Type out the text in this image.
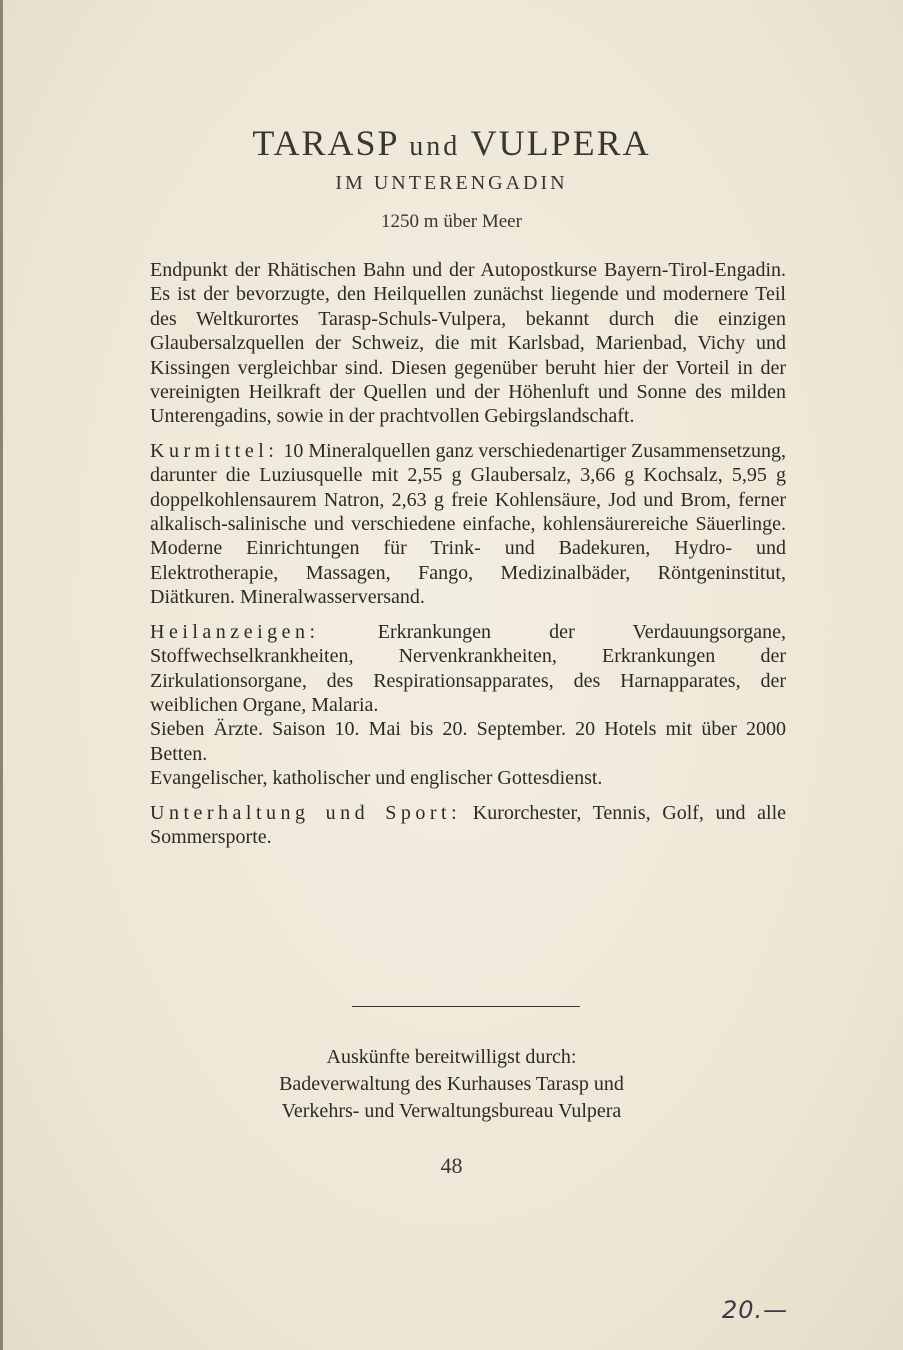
TARASP und VULPERA
IM UNTERENGADIN
1250 m über Meer

Endpunkt der Rhätischen Bahn und der Autopostkurse Bayern-Tirol-Engadin. Es ist der bevorzugte, den Heilquellen zunächst liegende und modernere Teil des Weltkurortes Tarasp-Schuls-Vulpera, bekannt durch die einzigen Glaubersalzquellen der Schweiz, die mit Karlsbad, Marienbad, Vichy und Kissingen vergleichbar sind. Diesen gegenüber beruht hier der Vorteil in der vereinigten Heilkraft der Quellen und der Höhenluft und Sonne des milden Unterengadins, sowie in der prachtvollen Gebirgslandschaft.

Kurmittel: 10 Mineralquellen ganz verschiedenartiger Zusammensetzung, darunter die Luziusquelle mit 2,55 g Glaubersalz, 3,66 g Kochsalz, 5,95 g doppelkohlensaurem Natron, 2,63 g freie Kohlensäure, Jod und Brom, ferner alkalisch-salinische und verschiedene einfache, kohlensäurereiche Säuerlinge. Moderne Einrichtungen für Trink- und Badekuren, Hydro- und Elektrotherapie, Massagen, Fango, Medizinalbäder, Röntgeninstitut, Diätkuren. Mineralwasserversand.

Heilanzeigen:	Erkrankungen der Verdauungsorgane, Stoffwechselkrankheiten, Nervenkrankheiten, Erkrankungen der Zirkulationsorgane, des Respirationsapparates, des Harnapparates, der weiblichen Organe, Malaria.

Sieben Ärzte. Saison 10. Mai bis 20. September. 20 Hotels mit über 2000 Betten.

Evangelischer, katholischer und englischer Gottesdienst.

Unterhaltung und Sport: Kurorchester, Tennis, Golf, und alle Sommersporte.

Auskünfte bereitwilligst durch:
Badeverwaltung des Kurhauses Tarasp und
Verkehrs- und Verwaltungsbureau Vulpera
48
20.—
